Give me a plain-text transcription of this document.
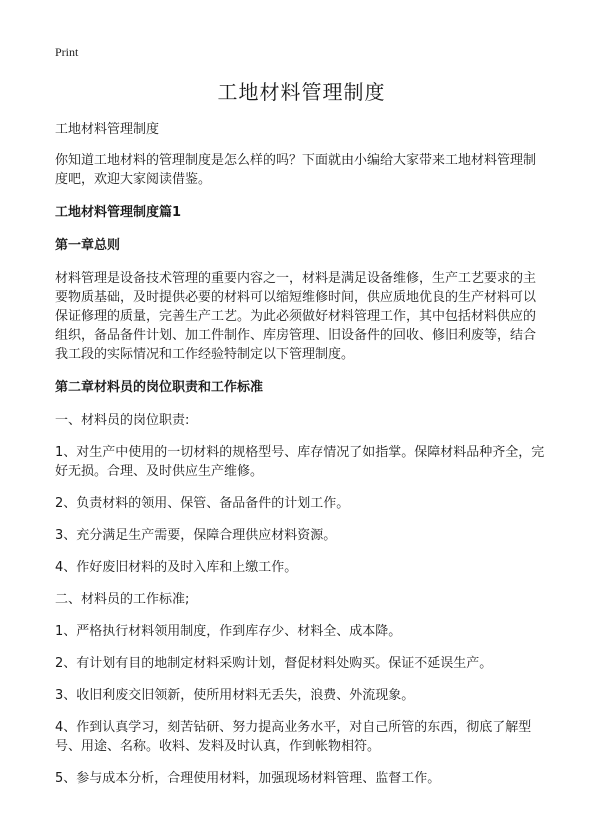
Print
工地材料管理制度

工地材料管理制度

你知道工地材料的管理制度是怎么样的吗？下面就由小编给大家带来工地材料管理制度吧，欢迎大家阅读借鉴。

工地材料管理制度篇1

第一章总则

材料管理是设备技术管理的重要内容之一，材料是满足设备维修，生产工艺要求的主要物质基础，及时提供必要的材料可以缩短维修时间，供应质地优良的生产材料可以保证修理的质量，完善生产工艺。为此必须做好材料管理工作，其中包括材料供应的组织，备品备件计划、加工件制作、库房管理、旧设备件的回收、修旧利废等，结合我工段的实际情况和工作经验特制定以下管理制度。

第二章材料员的岗位职责和工作标准

一、材料员的岗位职责:

1、对生产中使用的一切材料的规格型号、库存情况了如指掌。保障材料品种齐全，完好无损。合理、及时供应生产维修。

2、负责材料的领用、保管、备品备件的计划工作。

3、充分满足生产需要，保障合理供应材料资源。

4、作好废旧材料的及时入库和上缴工作。

二、材料员的工作标准;

1、严格执行材料领用制度，作到库存少、材料全、成本降。

2、有计划有目的地制定材料采购计划，督促材料处购买。保证不延误生产。

3、收旧利废交旧领新，使所用材料无丢失，浪费、外流现象。

4、作到认真学习，刻苦钻研、努力提高业务水平，对自己所管的东西，彻底了解型号、用途、名称。收料、发料及时认真，作到帐物相符。

5、参与成本分析，合理使用材料，加强现场材料管理、监督工作。
